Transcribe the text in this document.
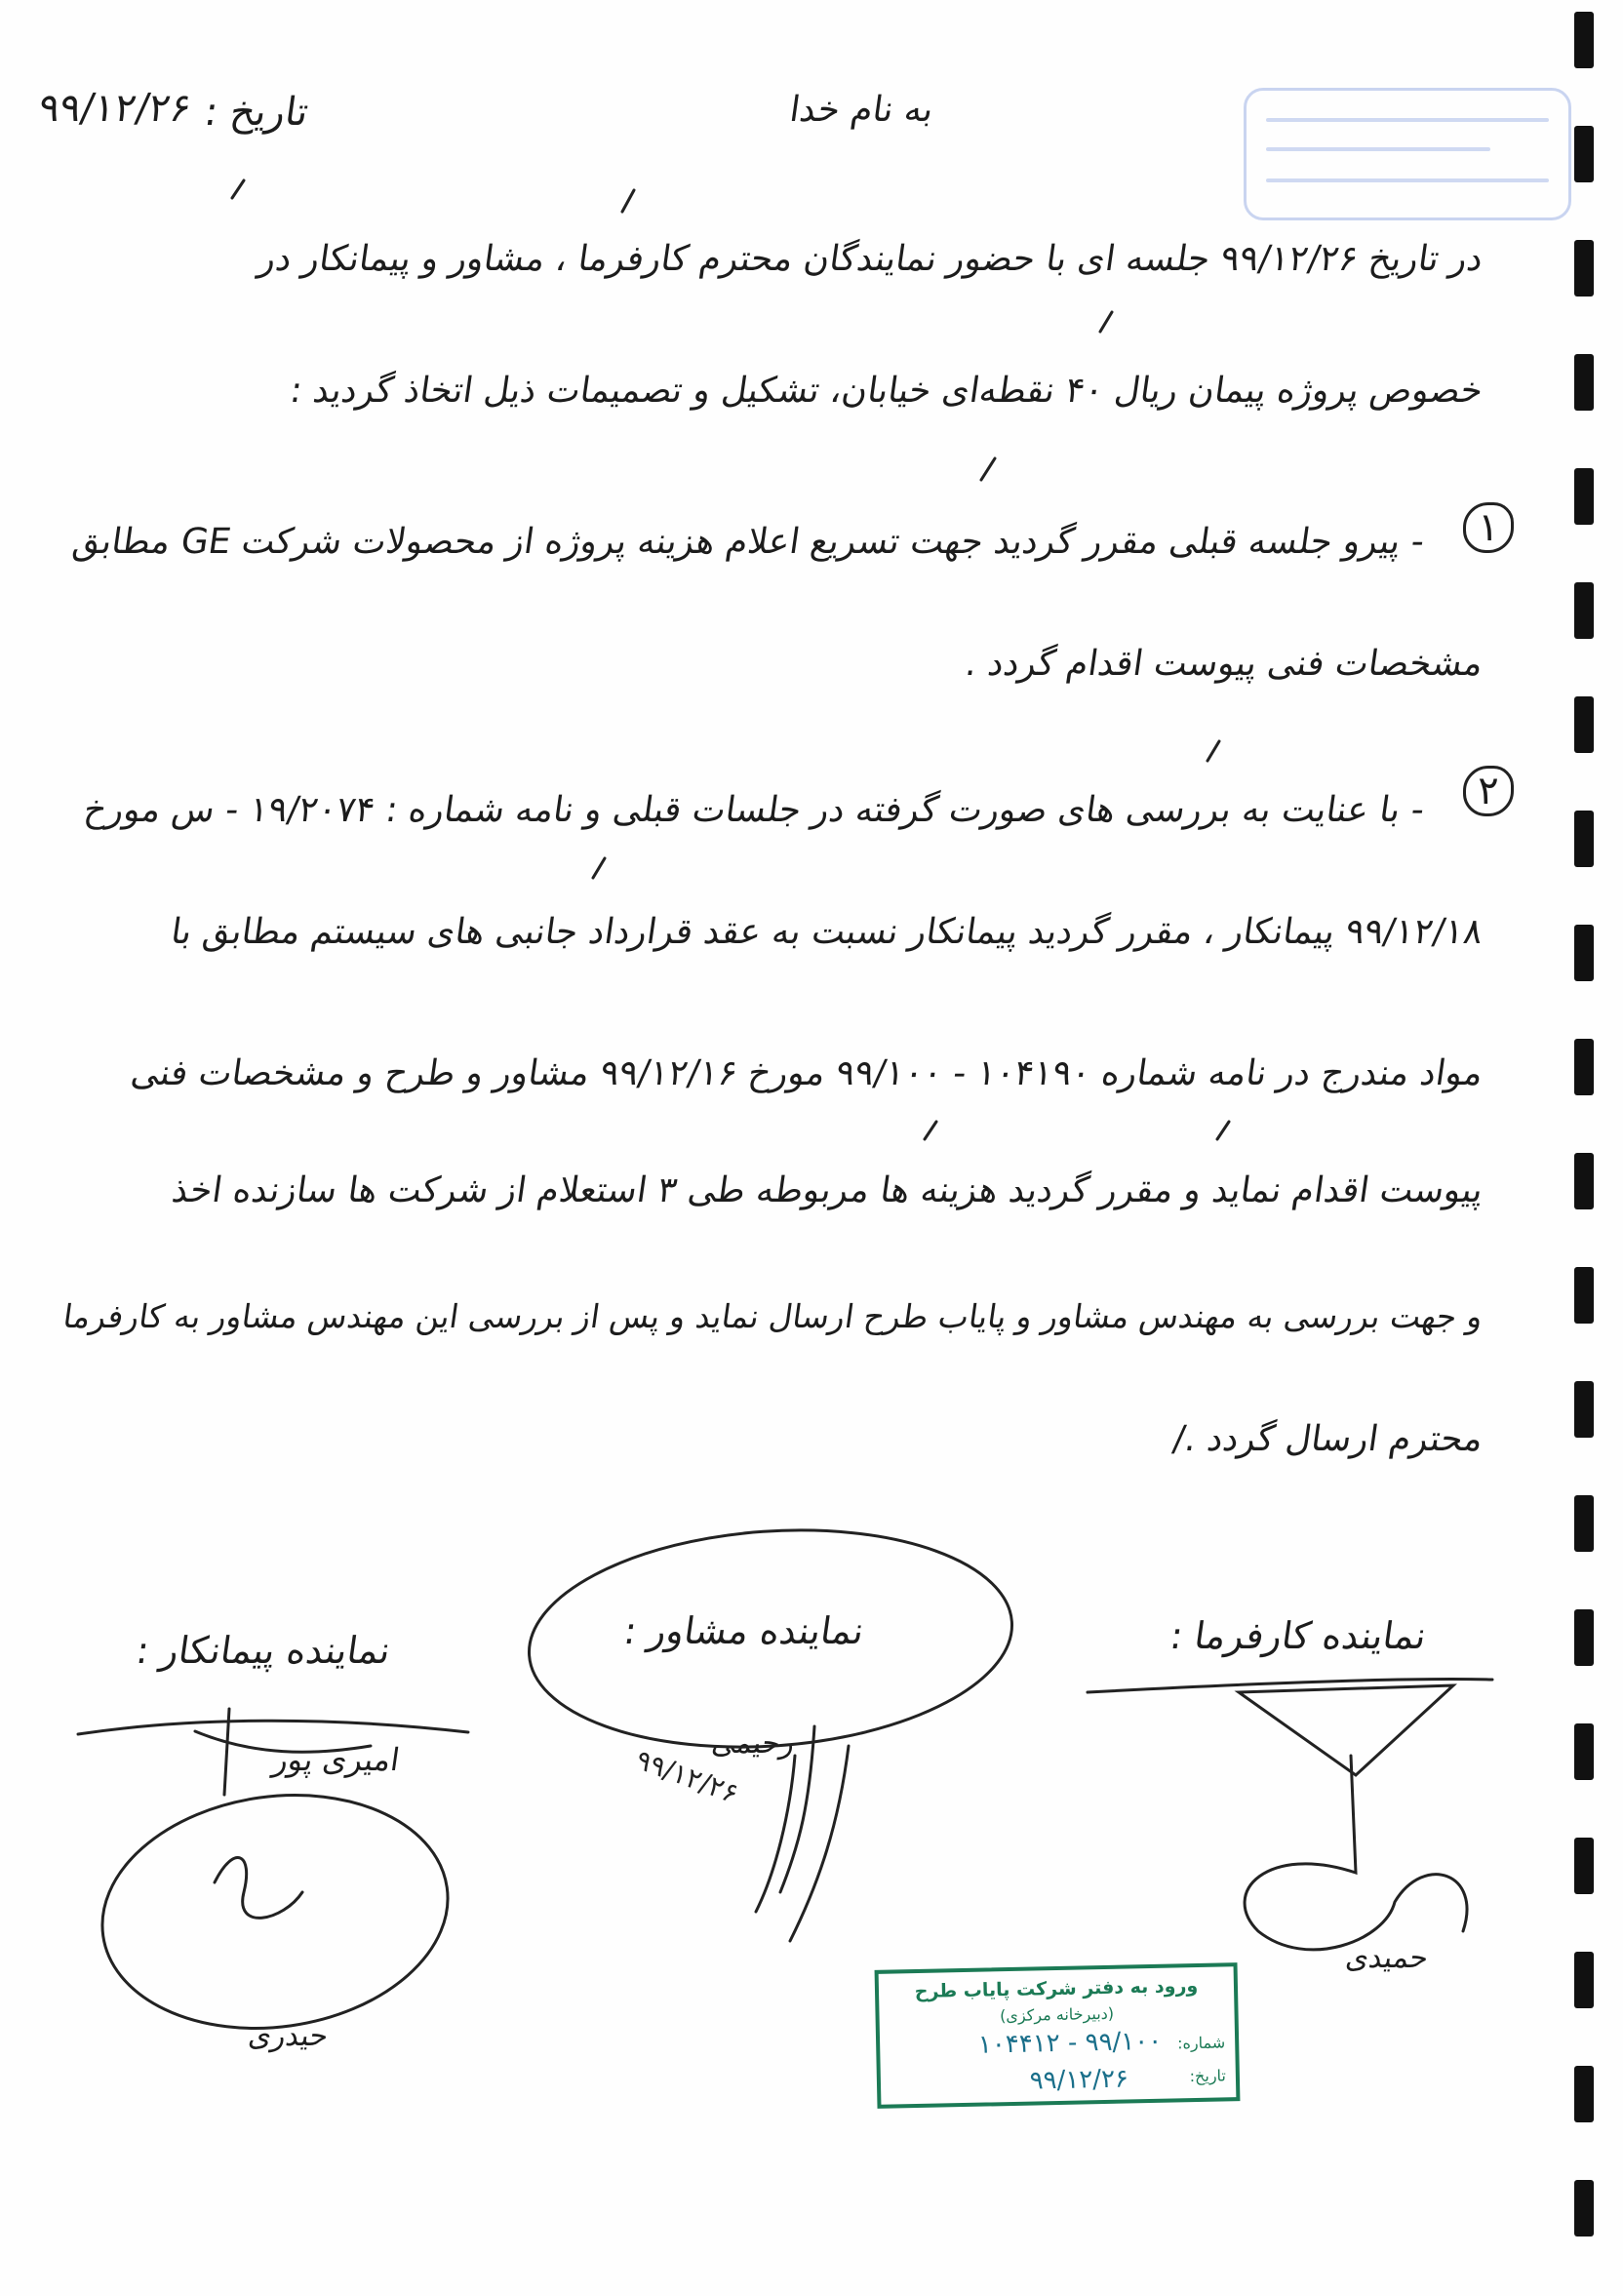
به نام خدا
تاریخ :
۹۹/۱۲/۲۶
در تاریخ ۹۹/۱۲/۲۶ جلسه ای با حضور نمایندگان محترم کارفرما ، مشاور و پیمانکار در
خصوص پروژه پیمان ریال ۴۰ نقطه‌ای خیابان، تشکیل و تصمیمات ذیل اتخاذ گردید :
- پیرو جلسه قبلی مقرر گردید جهت تسریع اعلام هزینه پروژه از محصولات شرکت GE مطابق
مشخصات فنی پیوست اقدام گردد .
- با عنایت به بررسی های صورت گرفته در جلسات قبلی و نامه شماره : ۱۹/۲۰۷۴ - س مورخ
۹۹/۱۲/۱۸ پیمانکار ، مقرر گردید پیمانکار نسبت به عقد قرارداد جانبی های سیستم مطابق با
مواد مندرج در نامه شماره ۱۰۴۱۹۰ - ۹۹/۱۰۰ مورخ ۹۹/۱۲/۱۶ مشاور و طرح و مشخصات فنی
پیوست اقدام نماید و مقرر گردید هزینه ها مربوطه طی ۳ استعلام از شرکت ها سازنده اخذ
و جهت بررسی به مهندس مشاور و پایاب طرح ارسال نماید و پس از بررسی این مهندس مشاور به کارفرما
محترم ارسال گردد ./
۱
۲
نماینده پیمانکار :	نماینده مشاور :	نماینده کارفرما :
امیری پور
حیدری
رحیمی
حمیدی
۹۹/۱۲/۲۶
ورود به دفتر شرکت پایاب طرح
(دبیرخانه مرکزی)
شماره:
۱۰۴۴۱۲ - ۹۹/۱۰۰
تاریخ:
۹۹/۱۲/۲۶
